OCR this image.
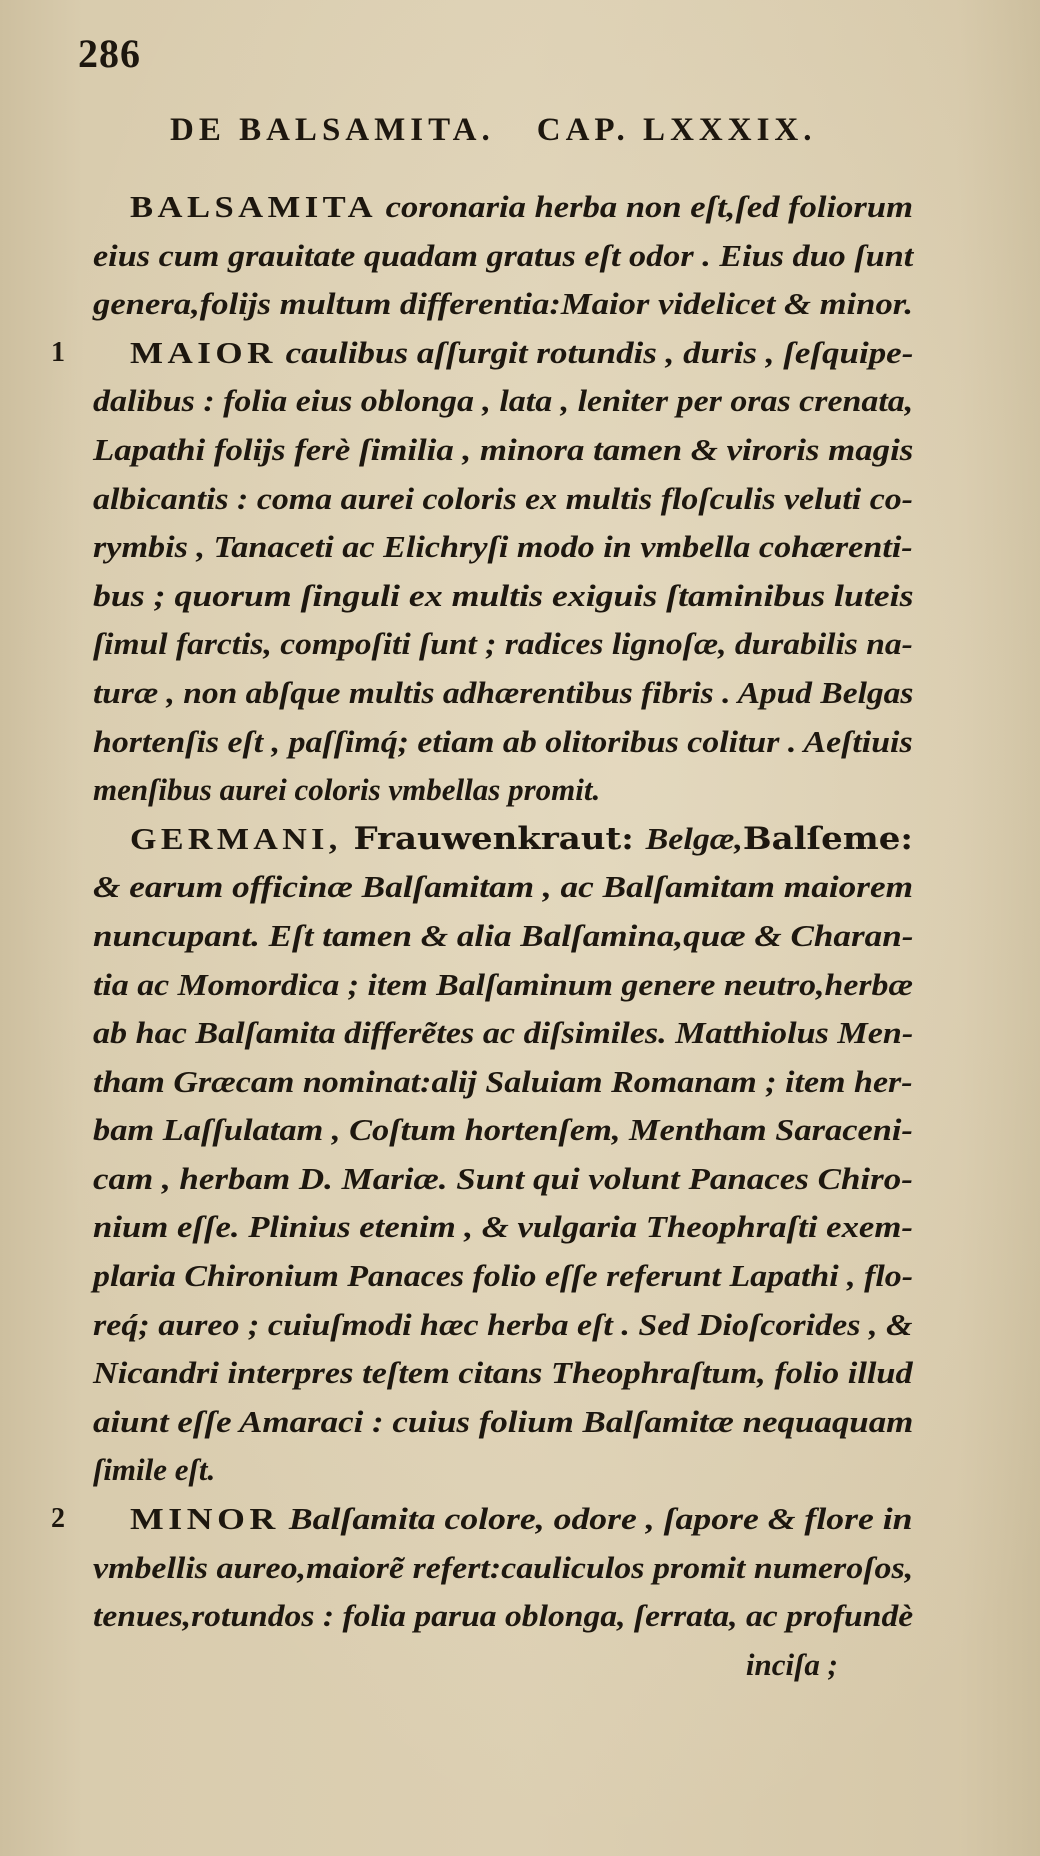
286
DE BALSAMITA. CAP. LXXXIX.
BALSAMITA coronaria herba non eſt,ſed foliorum
eius cum grauitate quadam gratus eſt odor . Eius duo ſunt
genera,folijs multum differentia:Maior videlicet & minor.
1 MAIOR caulibus aſſurgit rotundis , duris , ſeſquipe-
dalibus : folia eius oblonga , lata , leniter per oras crenata,
Lapathi folijs ferè ſimilia , minora tamen & viroris magis
albicantis : coma aurei coloris ex multis floſculis veluti co-
rymbis , Tanaceti ac Elichryſi modo in vmbella cohærenti-
bus ; quorum ſinguli ex multis exiguis ſtaminibus luteis
ſimul farctis, compoſiti ſunt ; radices lignoſæ, durabilis na-
turæ , non abſque multis adhærentibus fibris . Apud Belgas
hortenſis eſt , paſſimq́; etiam ab olitoribus colitur . Aeſtiuis
menſibus aurei coloris vmbellas promit.
GERMANI, Frauwenkraut: Belgæ,Balſeme:
& earum officinæ Balſamitam , ac Balſamitam maiorem
nuncupant. Eſt tamen & alia Balſamina,quæ & Charan-
tia ac Momordica ; item Balſaminum genere neutro,herbæ
ab hac Balſamita differẽtes ac diſsimiles. Matthiolus Men-
tham Græcam nominat:alij Saluiam Romanam ; item her-
bam Laſſulatam , Coſtum hortenſem, Mentham Saraceni-
cam , herbam D. Mariæ. Sunt qui volunt Panaces Chiro-
nium eſſe. Plinius etenim , & vulgaria Theophraſti exem-
plaria Chironium Panaces folio eſſe referunt Lapathi , flo-
req́; aureo ; cuiuſmodi hæc herba eſt . Sed Dioſcorides , &
Nicandri interpres teſtem citans Theophraſtum, folio illud
aiunt eſſe Amaraci : cuius folium Balſamitæ nequaquam
ſimile eſt.
2 MINOR Balſamita colore, odore , ſapore & flore in
vmbellis aureo,maiorẽ refert:cauliculos promit numeroſos,
tenues,rotundos : folia parua oblonga, ſerrata, ac profundè
inciſa ;
